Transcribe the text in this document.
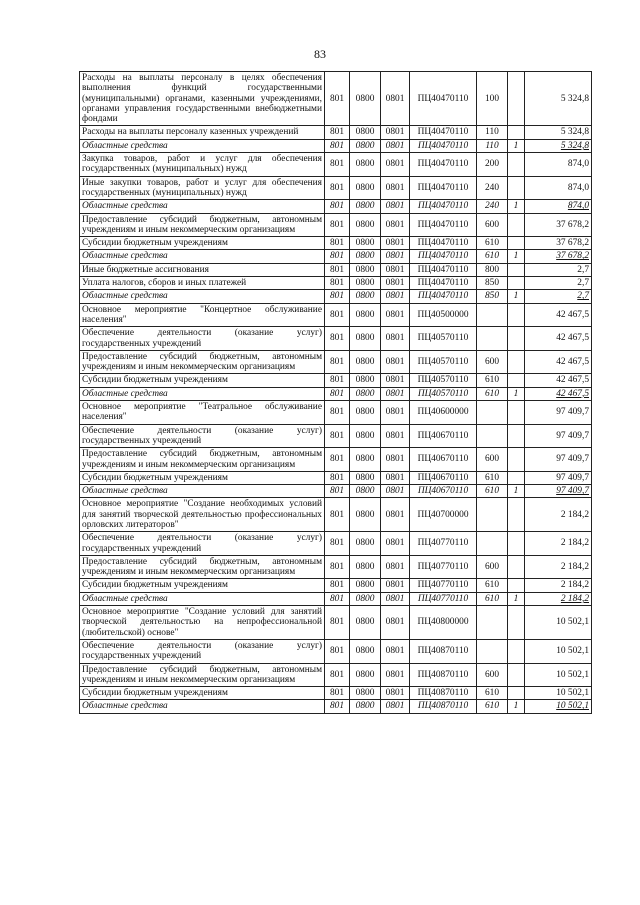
83
Расходы на выплаты персоналу в целях обеспечения выполнения функций государственными (муниципальными) органами, казенными учреждениями, органами управления государственными внебюджетными фондами	801	0800	0801	ПЦ40470110	100		5 324,8
Расходы на выплаты персоналу казенных учреждений	801	0800	0801	ПЦ40470110	110		5 324,8
Областные средства	801	0800	0801	ПЦ40470110	110	1	5 324,8
Закупка товаров, работ и услуг для обеспечения государственных (муниципальных) нужд	801	0800	0801	ПЦ40470110	200		874,0
Иные закупки товаров, работ и услуг для обеспечения государственных (муниципальных) нужд	801	0800	0801	ПЦ40470110	240		874,0
Областные средства	801	0800	0801	ПЦ40470110	240	1	874,0
Предоставление субсидий бюджетным, автономным учреждениям и иным некоммерческим организациям	801	0800	0801	ПЦ40470110	600		37 678,2
Субсидии бюджетным учреждениям	801	0800	0801	ПЦ40470110	610		37 678,2
Областные средства	801	0800	0801	ПЦ40470110	610	1	37 678,2
Иные бюджетные ассигнования	801	0800	0801	ПЦ40470110	800		2,7
Уплата налогов, сборов и иных платежей	801	0800	0801	ПЦ40470110	850		2,7
Областные средства	801	0800	0801	ПЦ40470110	850	1	2,7
Основное мероприятие "Концертное обслуживание населения"	801	0800	0801	ПЦ40500000			42 467,5
Обеспечение деятельности (оказание услуг) государственных учреждений	801	0800	0801	ПЦ40570110			42 467,5
Предоставление субсидий бюджетным, автономным учреждениям и иным некоммерческим организациям	801	0800	0801	ПЦ40570110	600		42 467,5
Субсидии бюджетным учреждениям	801	0800	0801	ПЦ40570110	610		42 467,5
Областные средства	801	0800	0801	ПЦ40570110	610	1	42 467,5
Основное мероприятие "Театральное обслуживание населения"	801	0800	0801	ПЦ40600000			97 409,7
Обеспечение деятельности (оказание услуг) государственных учреждений	801	0800	0801	ПЦ40670110			97 409,7
Предоставление субсидий бюджетным, автономным учреждениям и иным некоммерческим организациям	801	0800	0801	ПЦ40670110	600		97 409,7
Субсидии бюджетным учреждениям	801	0800	0801	ПЦ40670110	610		97 409,7
Областные средства	801	0800	0801	ПЦ40670110	610	1	97 409,7
Основное мероприятие "Создание необходимых условий для занятий творческой деятельностью профессиональных орловских литераторов"	801	0800	0801	ПЦ40700000			2 184,2
Обеспечение деятельности (оказание услуг) государственных учреждений	801	0800	0801	ПЦ40770110			2 184,2
Предоставление субсидий бюджетным, автономным учреждениям и иным некоммерческим организациям	801	0800	0801	ПЦ40770110	600		2 184,2
Субсидии бюджетным учреждениям	801	0800	0801	ПЦ40770110	610		2 184,2
Областные средства	801	0800	0801	ПЦ40770110	610	1	2 184,2
Основное мероприятие "Создание условий для занятий творческой деятельностью на непрофессиональной (любительской) основе"	801	0800	0801	ПЦ40800000			10 502,1
Обеспечение деятельности (оказание услуг) государственных учреждений	801	0800	0801	ПЦ40870110			10 502,1
Предоставление субсидий бюджетным, автономным учреждениям и иным некоммерческим организациям	801	0800	0801	ПЦ40870110	600		10 502,1
Субсидии бюджетным учреждениям	801	0800	0801	ПЦ40870110	610		10 502,1
Областные средства	801	0800	0801	ПЦ40870110	610	1	10 502,1
